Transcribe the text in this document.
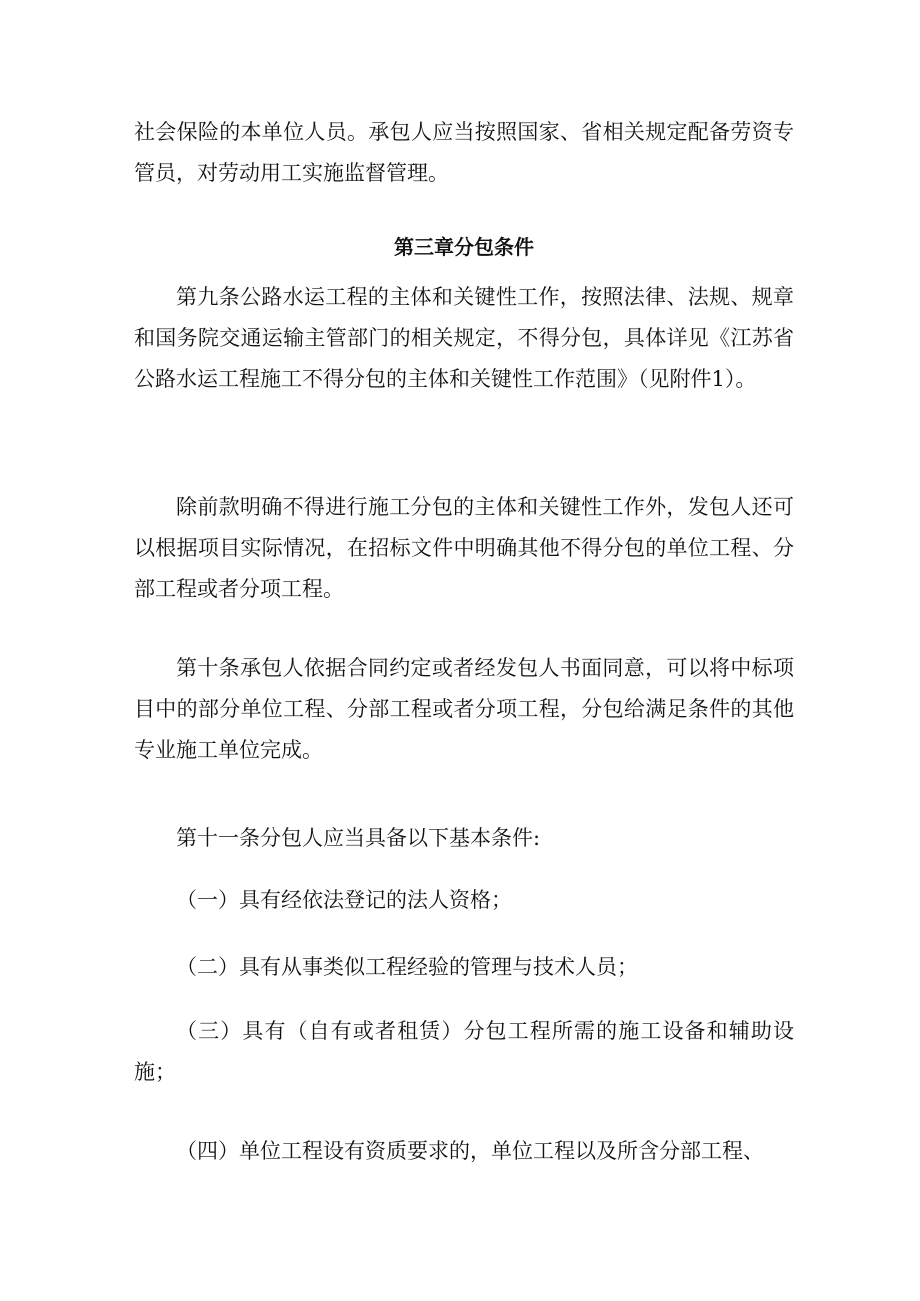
社会保险的本单位人员。承包人应当按照国家、省相关规定配备劳资专管员，对劳动用工实施监督管理。

第三章分包条件

第九条公路水运工程的主体和关键性工作，按照法律、法规、规章和国务院交通运输主管部门的相关规定，不得分包，具体详见《江苏省公路水运工程施工不得分包的主体和关键性工作范围》（见附件1）。

除前款明确不得进行施工分包的主体和关键性工作外，发包人还可以根据项目实际情况，在招标文件中明确其他不得分包的单位工程、分部工程或者分项工程。

第十条承包人依据合同约定或者经发包人书面同意，可以将中标项目中的部分单位工程、分部工程或者分项工程，分包给满足条件的其他专业施工单位完成。

第十一条分包人应当具备以下基本条件:

（一）具有经依法登记的法人资格；

（二）具有从事类似工程经验的管理与技术人员；

（三）具有（自有或者租赁）分包工程所需的施工设备和辅助设施；

（四）单位工程设有资质要求的，单位工程以及所含分部工程、
